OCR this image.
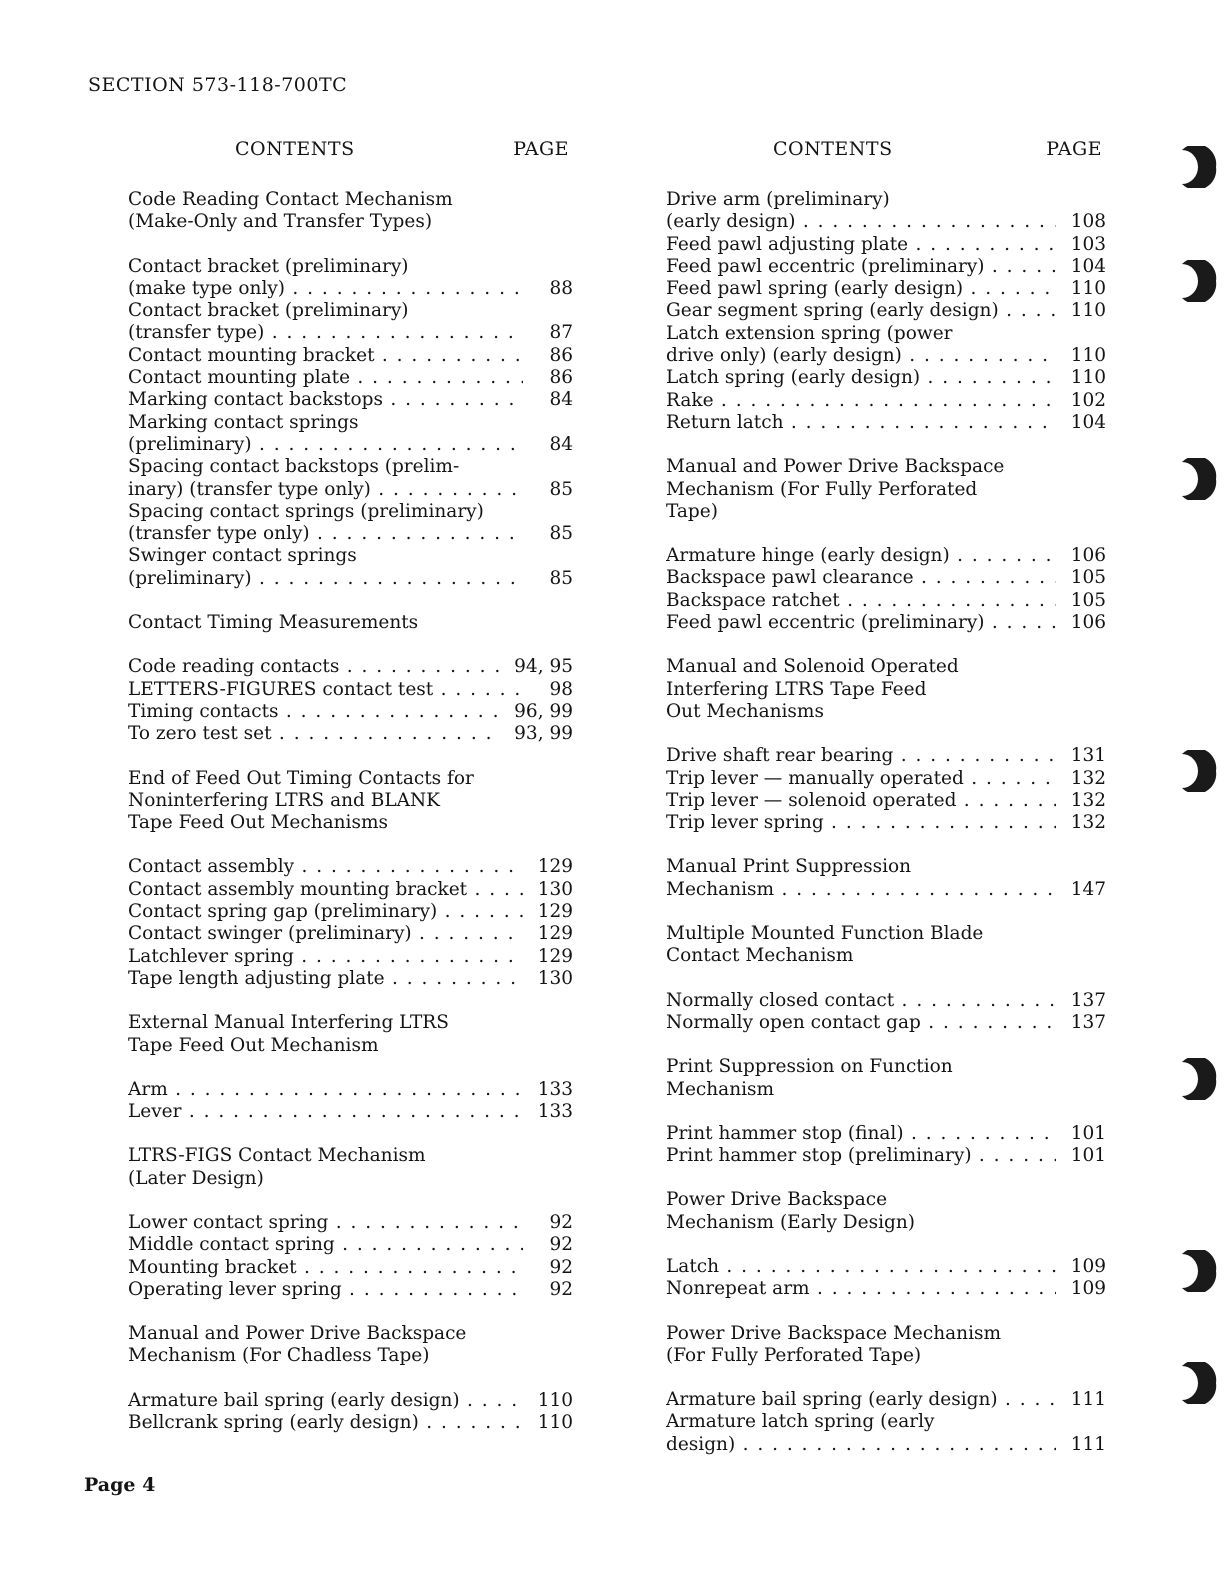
SECTION 573-118-700TC
CONTENTS	PAGE
Code Reading Contact Mechanism
(Make-Only and Transfer Types)
Contact bracket (preliminary)
(make type only) . . .	88
Contact bracket (preliminary)
(transfer type) . . .	87
Contact mounting bracket . . .	86
Contact mounting plate . . .	86
Marking contact backstops . . .	84
Marking contact springs
(preliminary) . . .	84
Spacing contact backstops (prelim-
inary) (transfer type only) . . .	85
Spacing contact springs (preliminary)
(transfer type only) . . .	85
Swinger contact springs
(preliminary) . . .	85
Contact Timing Measurements
Code reading contacts . . .	94, 95
LETTERS-FIGURES contact test . . .	98
Timing contacts . . .	96, 99
To zero test set . . .	93, 99
End of Feed Out Timing Contacts for
Noninterfering LTRS and BLANK
Tape Feed Out Mechanisms
Contact assembly . . .	129
Contact assembly mounting bracket . . .	130
Contact spring gap (preliminary) . . .	129
Contact swinger (preliminary) . . .	129
Latchlever spring . . .	129
Tape length adjusting plate . . .	130
External Manual Interfering LTRS
Tape Feed Out Mechanism
Arm . . .	133
Lever . . .	133
LTRS-FIGS Contact Mechanism
(Later Design)
Lower contact spring . . .	92
Middle contact spring . . .	92
Mounting bracket . . .	92
Operating lever spring . . .	92
Manual and Power Drive Backspace
Mechanism (For Chadless Tape)
Armature bail spring (early design) . . .	110
Bellcrank spring (early design) . . .	110
CONTENTS	PAGE
Drive arm (preliminary)
(early design) . . .	108
Feed pawl adjusting plate . . .	103
Feed pawl eccentric (preliminary) . . .	104
Feed pawl spring (early design) . . .	110
Gear segment spring (early design) . . .	110
Latch extension spring (power
drive only) (early design) . . .	110
Latch spring (early design) . . .	110
Rake . . .	102
Return latch . . .	104
Manual and Power Drive Backspace
Mechanism (For Fully Perforated
Tape)
Armature hinge (early design) . . .	106
Backspace pawl clearance . . .	105
Backspace ratchet . . .	105
Feed pawl eccentric (preliminary) . . .	106
Manual and Solenoid Operated
Interfering LTRS Tape Feed
Out Mechanisms
Drive shaft rear bearing . . .	131
Trip lever — manually operated . . .	132
Trip lever — solenoid operated . . .	132
Trip lever spring . . .	132
Manual Print Suppression
Mechanism . . .	147
Multiple Mounted Function Blade
Contact Mechanism
Normally closed contact . . .	137
Normally open contact gap . . .	137
Print Suppression on Function
Mechanism
Print hammer stop (final) . . .	101
Print hammer stop (preliminary) . . .	101
Power Drive Backspace
Mechanism (Early Design)
Latch . . .	109
Nonrepeat arm . . .	109
Power Drive Backspace Mechanism
(For Fully Perforated Tape)
Armature bail spring (early design) . . .	111
Armature latch spring (early
design) . . .	111
Page 4
